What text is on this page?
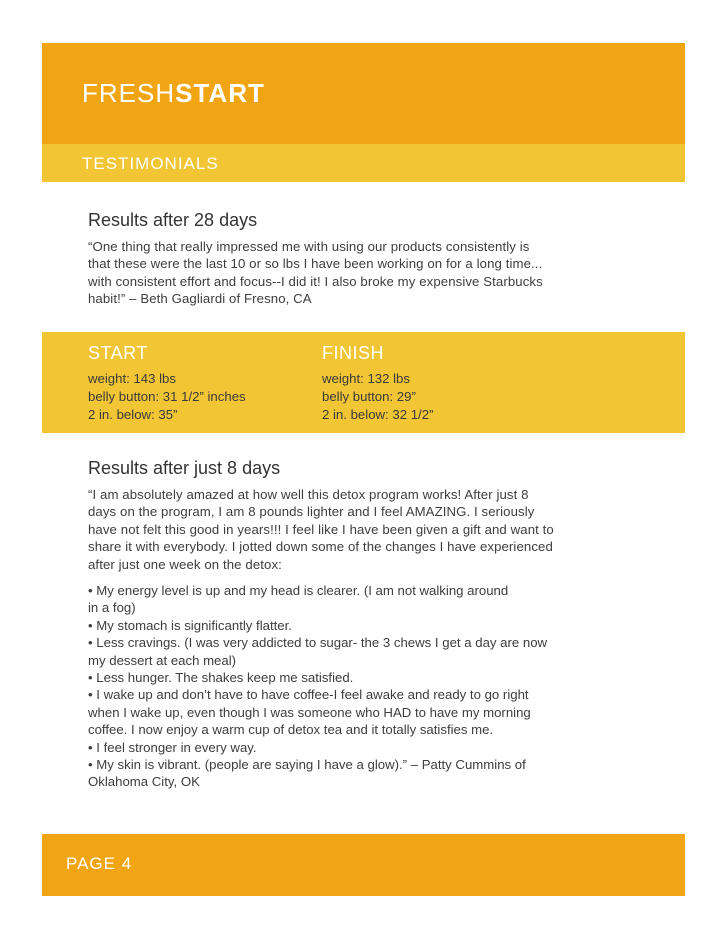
FRESHSTART
TESTIMONIALS
Results after 28 days
“One thing that really impressed me with using our products consistently is
that these were the last 10 or so lbs I have been working on for a long time...
with consistent effort and focus--I did it! I also broke my expensive Starbucks
habit!” – Beth Gagliardi of Fresno, CA
START
weight: 143 lbs
belly button: 31 1/2” inches
2 in. below: 35”
FINISH
weight: 132 lbs
belly button: 29”
2 in. below: 32 1/2”
Results after just 8 days
“I am absolutely amazed at how well this detox program works! After just 8
days on the program, I am 8 pounds lighter and I feel AMAZING. I seriously
have not felt this good in years!!! I feel like I have been given a gift and want to
share it with everybody. I jotted down some of the changes I have experienced
after just one week on the detox:
• My energy level is up and my head is clearer. (I am not walking around
in a fog)
• My stomach is significantly flatter.
• Less cravings. (I was very addicted to sugar- the 3 chews I get a day are now
my dessert at each meal)
• Less hunger. The shakes keep me satisfied.
• I wake up and don’t have to have coffee-I feel awake and ready to go right
when I wake up, even though I was someone who HAD to have my morning
coffee. I now enjoy a warm cup of detox tea and it totally satisfies me.
• I feel stronger in every way.
• My skin is vibrant. (people are saying I have a glow).” – Patty Cummins of
Oklahoma City, OK
PAGE 4
